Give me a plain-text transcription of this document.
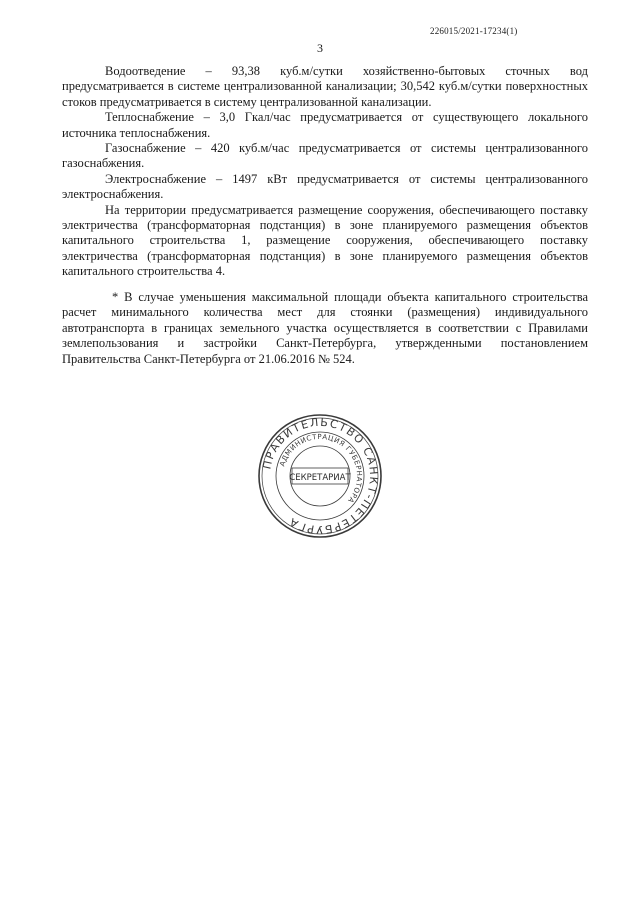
226015/2021-17234(1)
3

Водоотведение – 93,38 куб.м/сутки хозяйственно-бытовых сточных вод предусматривается в системе централизованной канализации; 30,542 куб.м/сутки поверхностных стоков предусматривается в систему централизованной канализации.

Теплоснабжение – 3,0 Гкал/час предусматривается от существующего локального источника теплоснабжения.

Газоснабжение – 420 куб.м/час предусматривается от системы централизованного газоснабжения.

Электроснабжение – 1497 кВт предусматривается от системы централизованного электроснабжения.

На территории предусматривается размещение сооружения, обеспечивающего поставку электричества (трансформаторная подстанция) в зоне планируемого размещения объектов капитального строительства 1, размещение сооружения, обеспечивающего поставку электричества (трансформаторная подстанция) в зоне планируемого размещения объектов капитального строительства 4.

* В случае уменьшения максимальной площади объекта капитального строительства расчет минимального количества мест для стоянки (размещения) индивидуального автотранспорта в границах земельного участка осуществляется в соответствии с Правилами землепользования и застройки Санкт-Петербурга, утвержденными постановлением Правительства Санкт-Петербурга от 21.06.2016 № 524.

ПРАВИТЕЛЬСТВО САНКТ-ПЕТЕРБУРГА
АДМИНИСТРАЦИЯ ГУБЕРНАТОРА
СЕКРЕТАРИАТ
